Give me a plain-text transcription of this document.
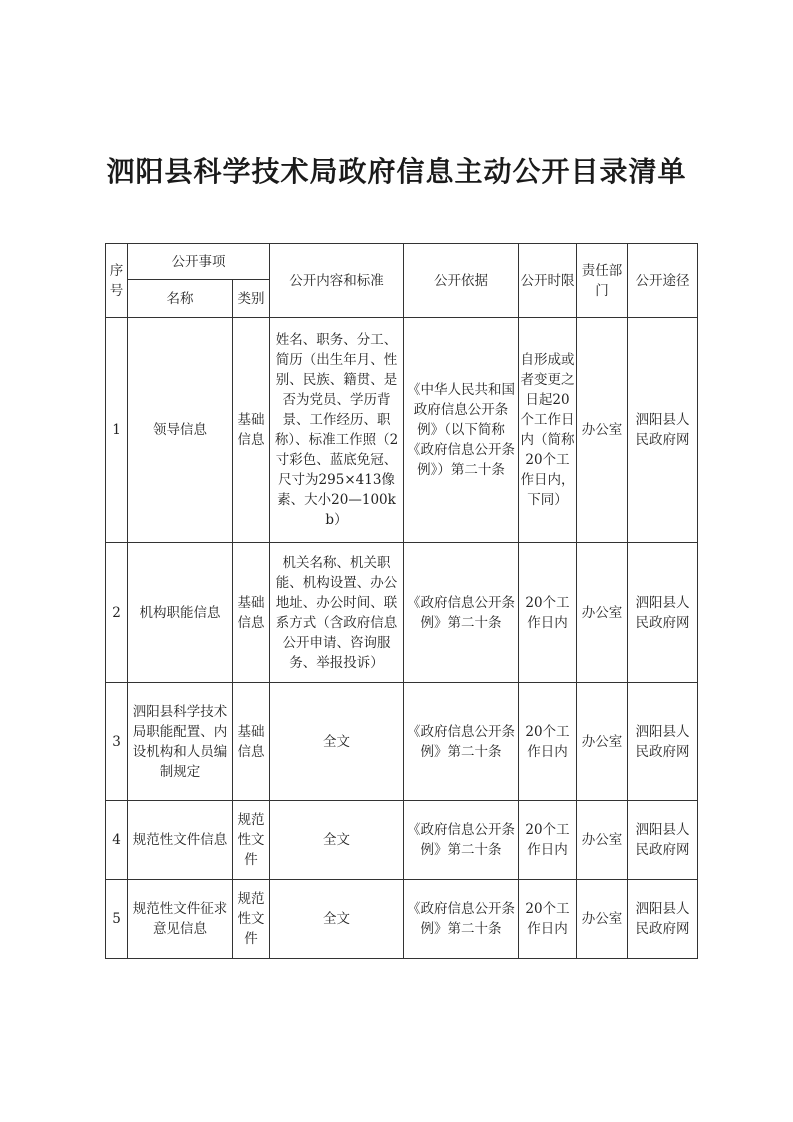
泗阳县科学技术局政府信息主动公开目录清单
序号	公开事项		公开内容和标准	公开依据	公开时限	责任部门	公开途径
	名称	类别					
1	领导信息	基础信息	姓名、职务、分工、简历（出生年月、性别、民族、籍贯、是否为党员、学历背景、工作经历、职称）、标准工作照（2寸彩色、蓝底免冠、尺寸为295×413像素、大小20—100kb）	《中华人民共和国政府信息公开条例》（以下简称《政府信息公开条例》）第二十条	自形成或者变更之日起20个工作日内（简称20个工作日内，下同）	办公室	泗阳县人民政府网
2	机构职能信息	基础信息	机关名称、机关职能、机构设置、办公地址、办公时间、联系方式（含政府信息公开申请、咨询服务、举报投诉）	《政府信息公开条例》第二十条	20个工作日内	办公室	泗阳县人民政府网
3	泗阳县科学技术局职能配置、内设机构和人员编制规定	基础信息	全文	《政府信息公开条例》第二十条	20个工作日内	办公室	泗阳县人民政府网
4	规范性文件信息	规范性文件	全文	《政府信息公开条例》第二十条	20个工作日内	办公室	泗阳县人民政府网
5	规范性文件征求意见信息	规范性文件	全文	《政府信息公开条例》第二十条	20个工作日内	办公室	泗阳县人民政府网
